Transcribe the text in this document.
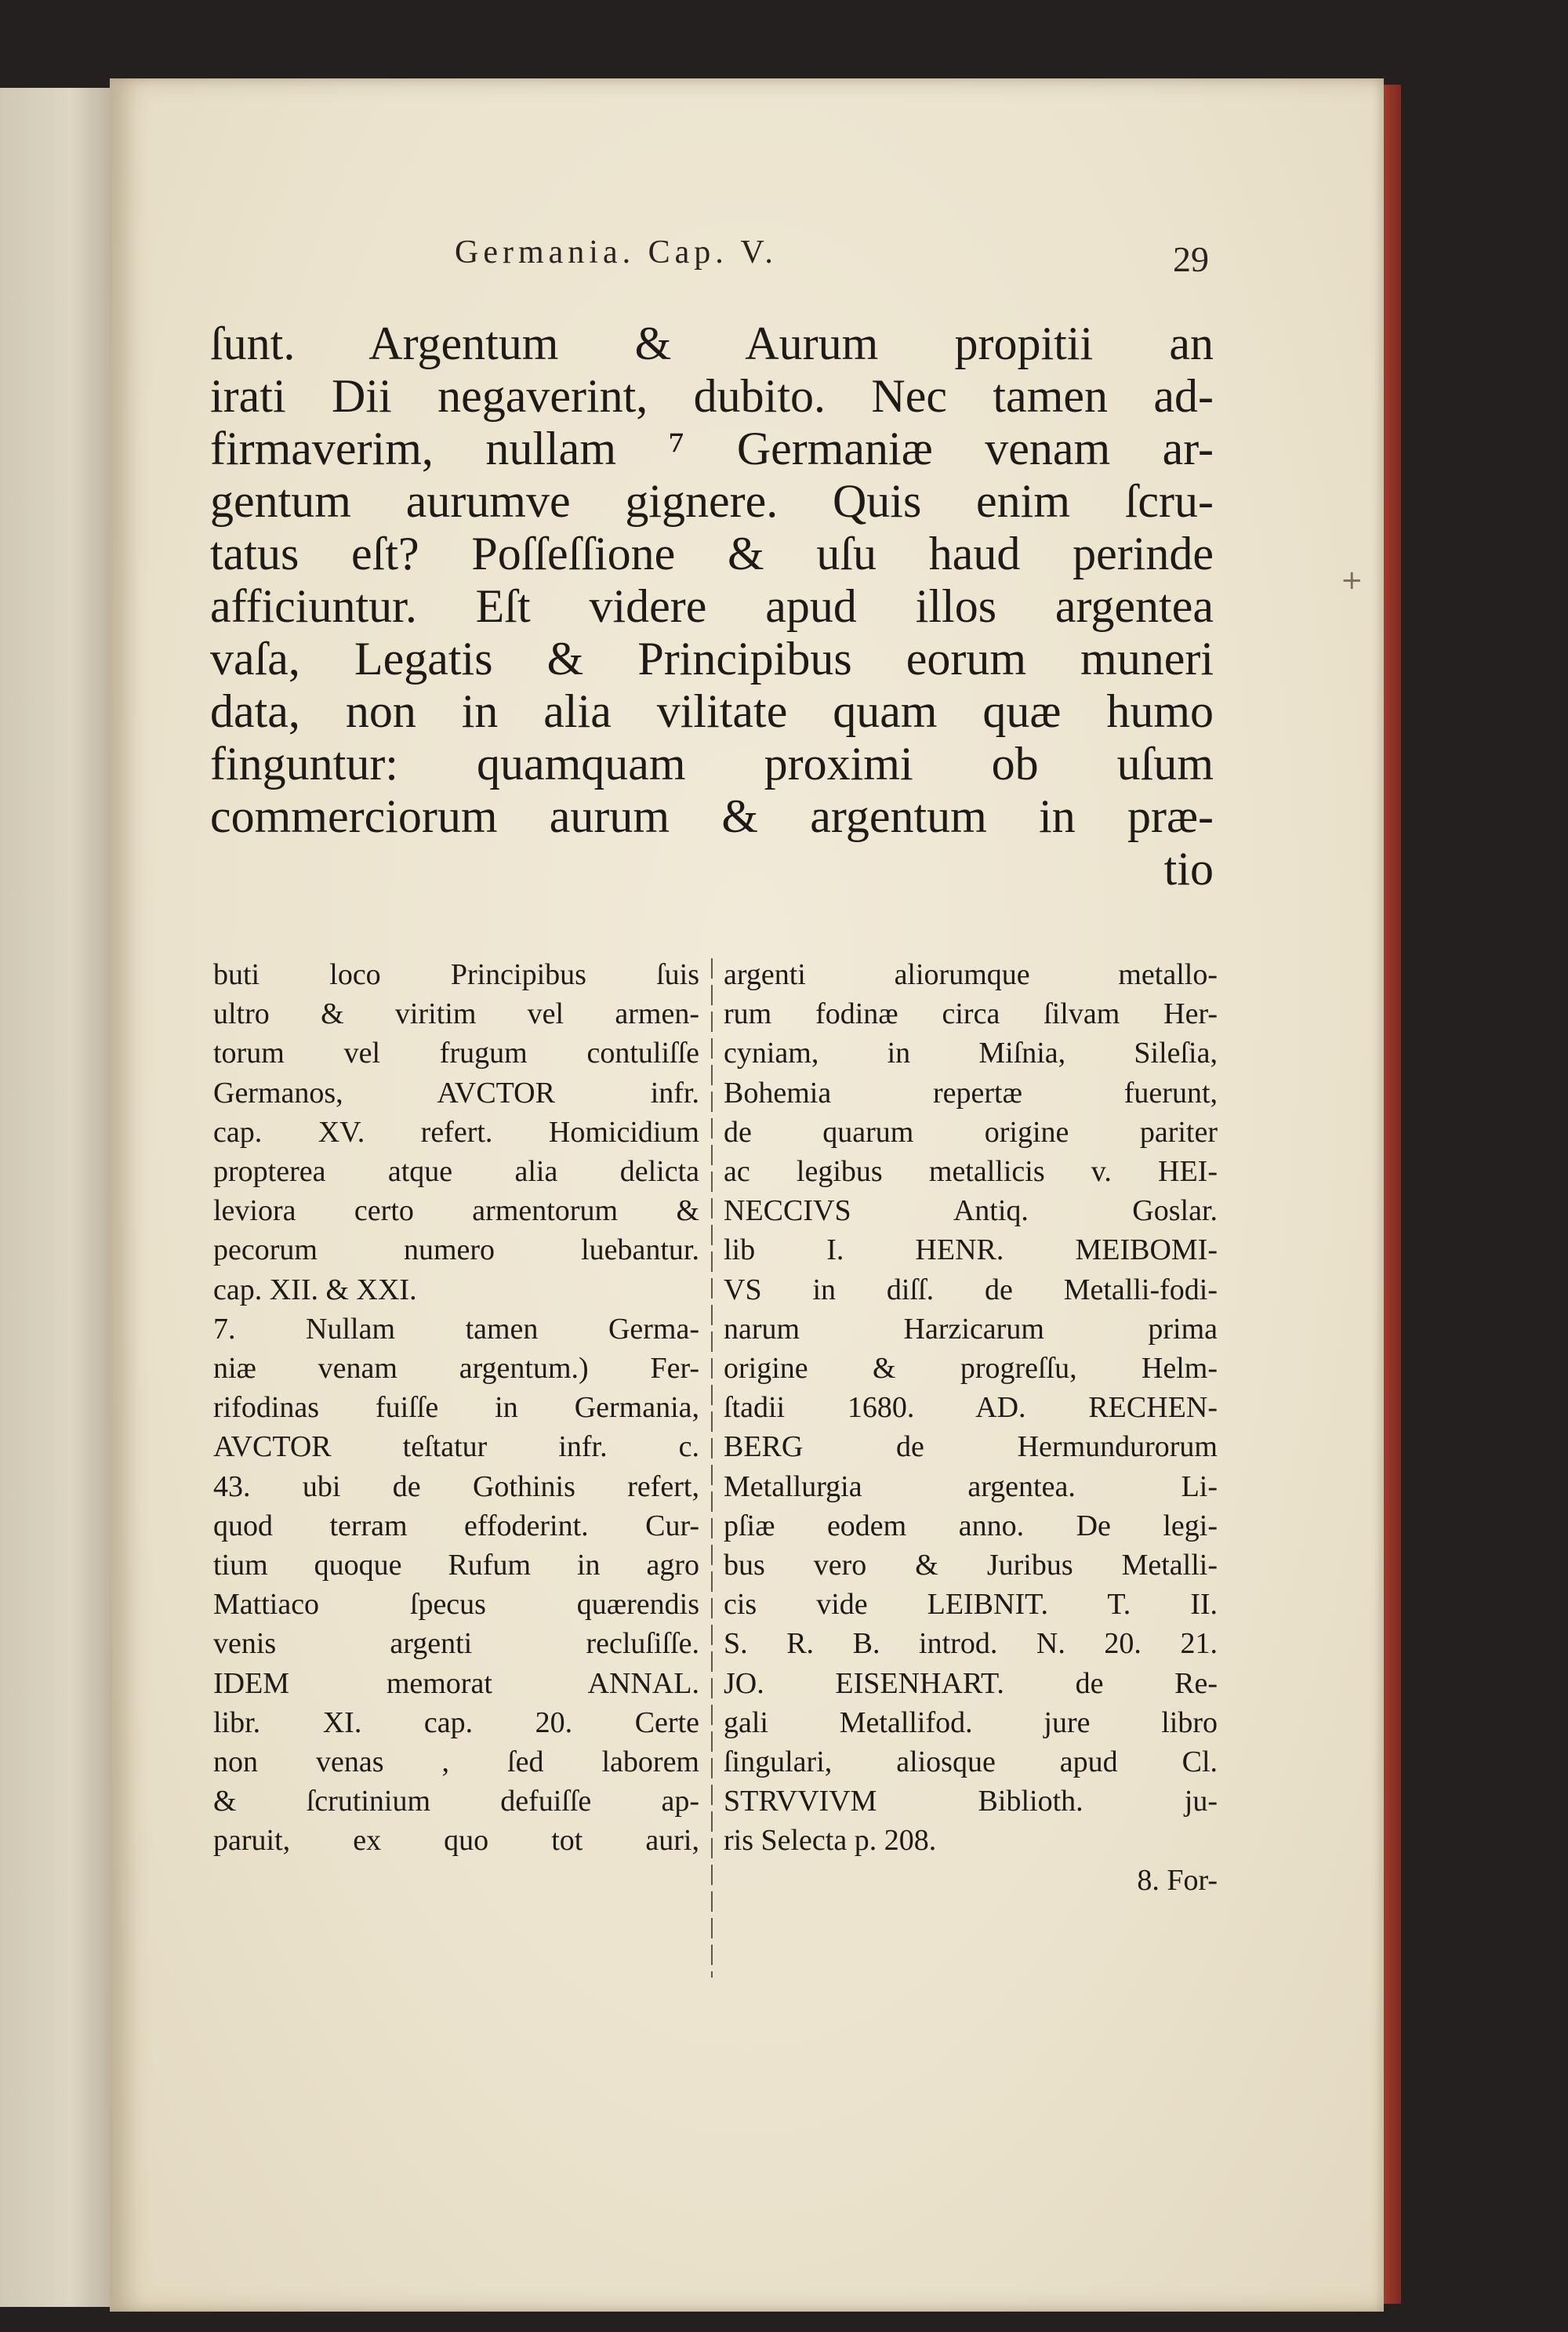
Germania. Cap. V.	29
ſunt. Argentum & Aurum propitii an
irati Dii negaverint, dubito. Nec tamen ad-
firmaverim, nullam ⁷ Germaniæ venam ar-
gentum aurumve gignere. Quis enim ſcru-
tatus eſt? Poſſeſſione & uſu haud perinde
afficiuntur. Eſt videre apud illos argentea
vaſa, Legatis & Principibus eorum muneri
data, non in alia vilitate quam quæ humo
finguntur: quamquam proximi ob uſum
commerciorum aurum & argentum in præ-
tio
buti loco Principibus ſuis
ultro & viritim vel armen-
torum vel frugum contuliſſe
Germanos, AVCTOR infr.
cap. XV. refert. Homicidium
propterea atque alia delicta
leviora certo armentorum &
pecorum numero luebantur.
cap. XII. & XXI.
7. Nullam tamen Germa-
niæ venam argentum.) Fer-
rifodinas fuiſſe in Germania,
AVCTOR teſtatur infr. c.
43. ubi de Gothinis refert,
quod terram effoderint. Cur-
tium quoque Rufum in agro
Mattiaco ſpecus quærendis
venis argenti recluſiſſe.
IDEM memorat ANNAL.
libr. XI. cap. 20. Certe
non venas , ſed laborem
& ſcrutinium defuiſſe ap-
paruit, ex quo tot auri,
argenti aliorumque metallo-
rum fodinæ circa ſilvam Her-
cyniam, in Miſnia, Sileſia,
Bohemia repertæ fuerunt,
de quarum origine pariter
ac legibus metallicis v. HEI-
NECCIVS Antiq. Goslar.
lib I. HENR. MEIBOMI-
VS in diſſ. de Metalli-fodi-
narum Harzicarum prima
origine & progreſſu, Helm-
ſtadii 1680. AD. RECHEN-
BERG de Hermundurorum
Metallurgia argentea. Li-
pſiæ eodem anno. De legi-
bus vero & Juribus Metalli-
cis vide LEIBNIT. T. II.
S. R. B. introd. N. 20. 21.
JO. EISENHART. de Re-
gali Metallifod. jure libro
ſingulari, aliosque apud Cl.
STRVVIVM Biblioth. ju-
ris Selecta p. 208.
8. For-
+
